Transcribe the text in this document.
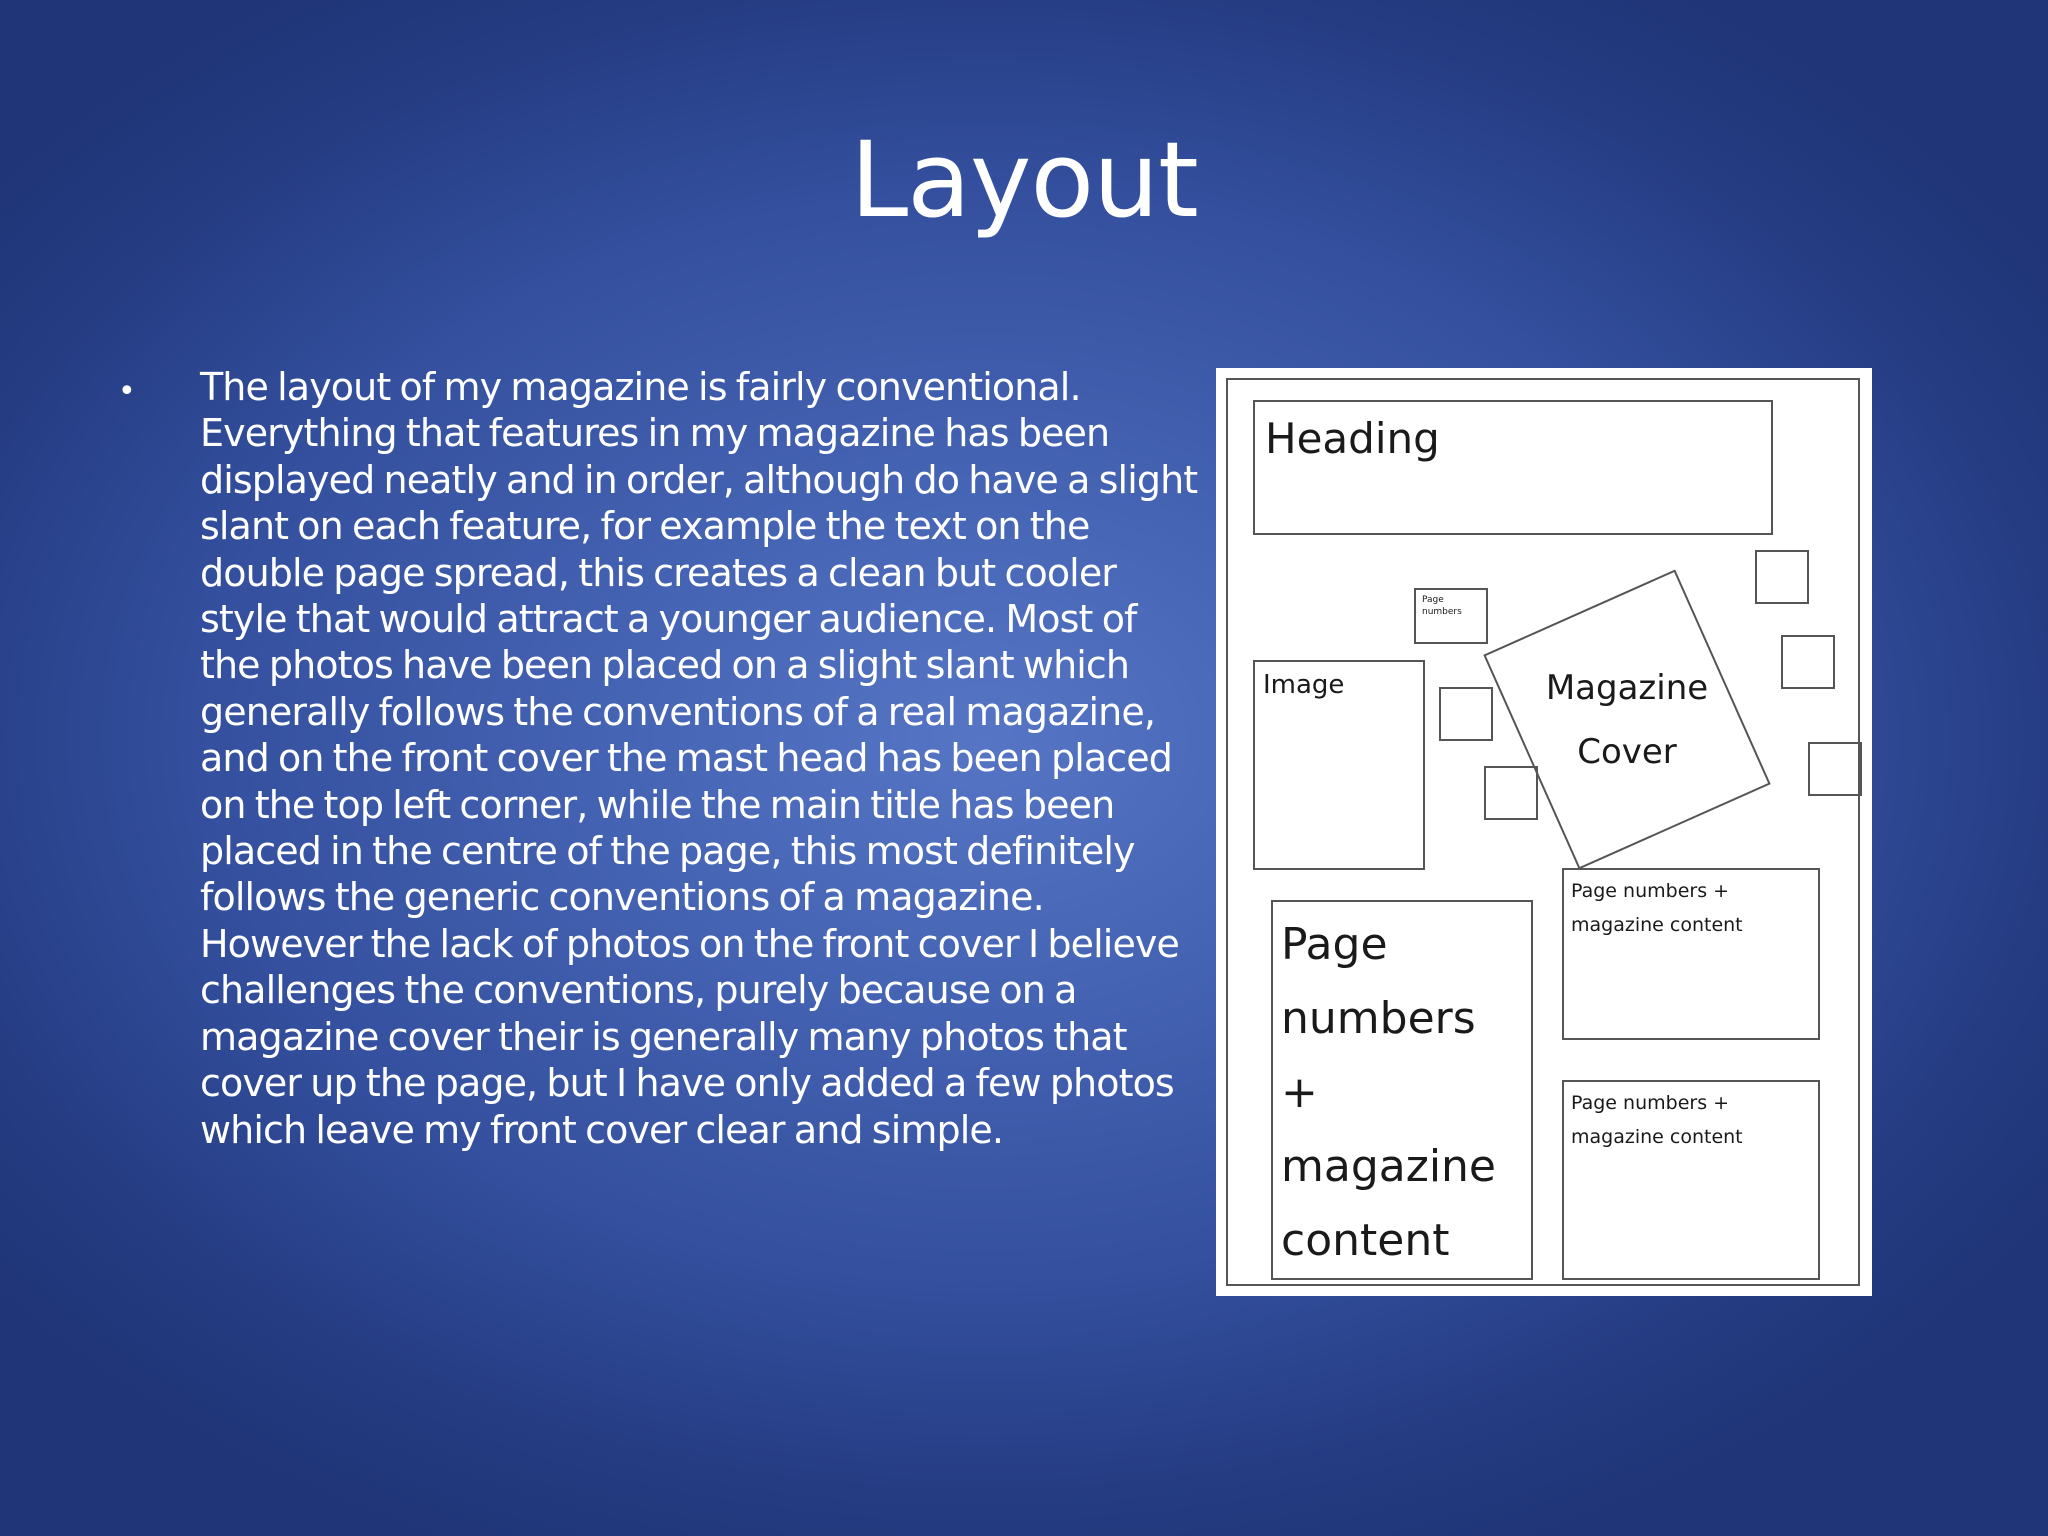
Layout
• The layout of my magazine is fairly conventional. Everything that features in my magazine has been displayed neatly and in order, although do have a slight slant on each feature, for example the text on the double page spread, this creates a clean but cooler style that would attract a younger audience. Most of the photos have been placed on a slight slant which generally follows the conventions of a real magazine, and on the front cover the mast head has been placed on the top left corner, while the main title has been placed in the centre of the page, this most definitely follows the generic conventions of a magazine. However the lack of photos on the front cover I believe challenges the conventions, purely because on a magazine cover their is generally many photos that cover up the page, but I have only added a few photos which leave my front cover clear and simple.
Heading
Page numbers
Image	Magazine
Cover
Page numbers + magazine content
Page numbers + magazine content
Page numbers + magazine content
